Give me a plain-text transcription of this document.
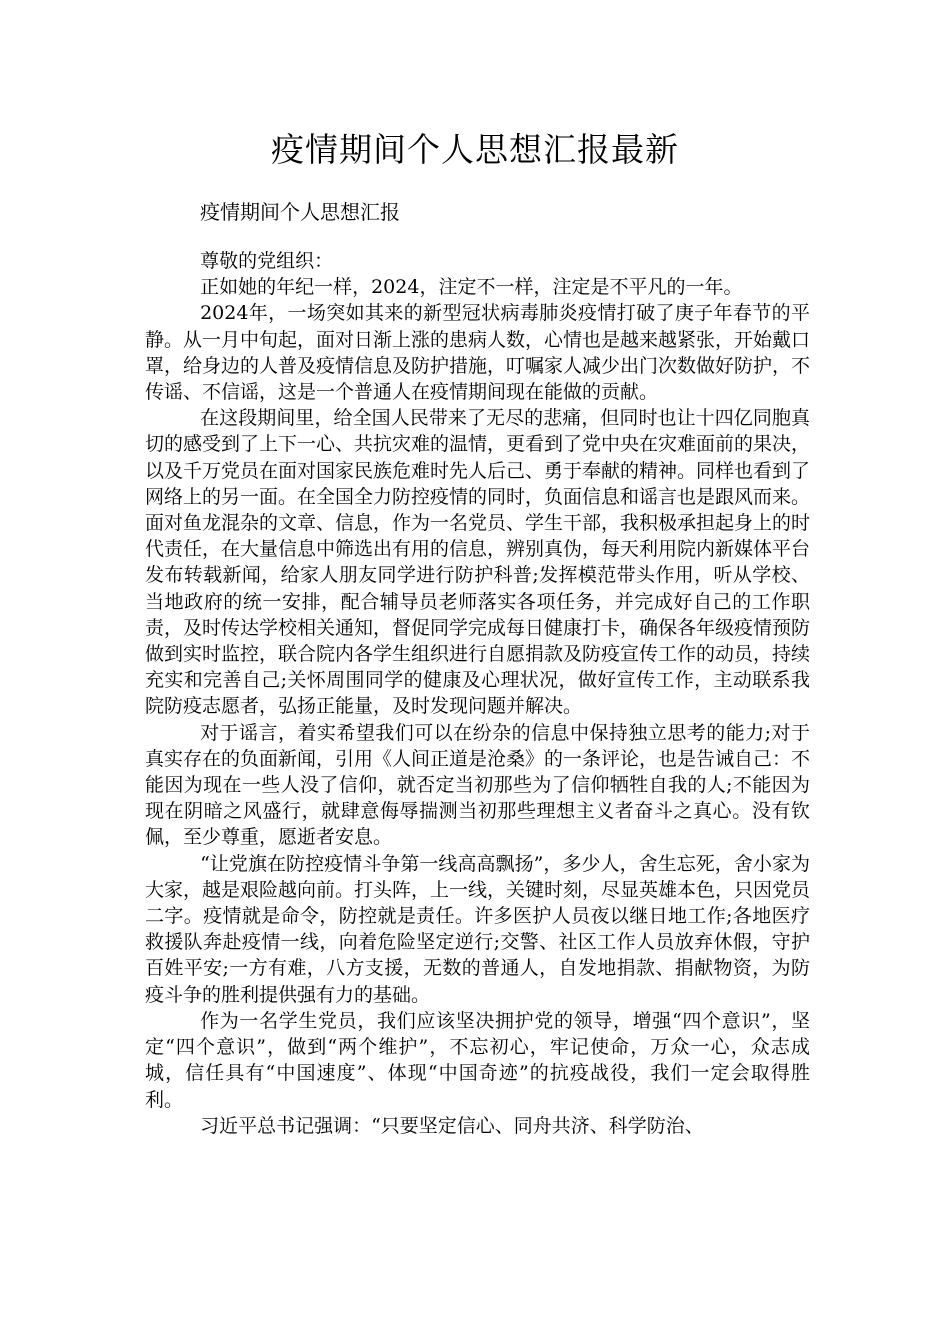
疫情期间个人思想汇报最新

疫情期间个人思想汇报

尊敬的党组织：

正如她的年纪一样，2024，注定不一样，注定是不平凡的一年。

2024年，一场突如其来的新型冠状病毒肺炎疫情打破了庚子年春节的平静。从一月中旬起，面对日渐上涨的患病人数，心情也是越来越紧张，开始戴口罩，给身边的人普及疫情信息及防护措施，叮嘱家人减少出门次数做好防护，不传谣、不信谣，这是一个普通人在疫情期间现在能做的贡献。

在这段期间里，给全国人民带来了无尽的悲痛，但同时也让十四亿同胞真切的感受到了上下一心、共抗灾难的温情，更看到了党中央在灾难面前的果决，以及千万党员在面对国家民族危难时先人后己、勇于奉献的精神。同样也看到了网络上的另一面。在全国全力防控疫情的同时，负面信息和谣言也是跟风而来。面对鱼龙混杂的文章、信息，作为一名党员、学生干部，我积极承担起身上的时代责任，在大量信息中筛选出有用的信息，辨别真伪，每天利用院内新媒体平台发布转载新闻，给家人朋友同学进行防护科普;发挥模范带头作用，听从学校、当地政府的统一安排，配合辅导员老师落实各项任务，并完成好自己的工作职责，及时传达学校相关通知，督促同学完成每日健康打卡，确保各年级疫情预防做到实时监控，联合院内各学生组织进行自愿捐款及防疫宣传工作的动员，持续充实和完善自己;关怀周围同学的健康及心理状况，做好宣传工作，主动联系我院防疫志愿者，弘扬正能量，及时发现问题并解决。

对于谣言，着实希望我们可以在纷杂的信息中保持独立思考的能力;对于真实存在的负面新闻，引用《人间正道是沧桑》的一条评论，也是告诫自己：不能因为现在一些人没了信仰，就否定当初那些为了信仰牺牲自我的人;不能因为现在阴暗之风盛行，就肆意侮辱揣测当初那些理想主义者奋斗之真心。没有钦佩，至少尊重，愿逝者安息。

“让党旗在防控疫情斗争第一线高高飘扬”，多少人，舍生忘死，舍小家为大家，越是艰险越向前。打头阵，上一线，关键时刻，尽显英雄本色，只因党员二字。疫情就是命令，防控就是责任。许多医护人员夜以继日地工作;各地医疗救援队奔赴疫情一线，向着危险坚定逆行;交警、社区工作人员放弃休假，守护百姓平安;一方有难，八方支援，无数的普通人，自发地捐款、捐献物资，为防疫斗争的胜利提供强有力的基础。

作为一名学生党员，我们应该坚决拥护党的领导，增强“四个意识”，坚定“四个意识”，做到“两个维护”，不忘初心，牢记使命，万众一心，众志成城，信任具有“中国速度”、体现“中国奇迹”的抗疫战役，我们一定会取得胜利。

习近平总书记强调：“只要坚定信心、同舟共济、科学防治、
